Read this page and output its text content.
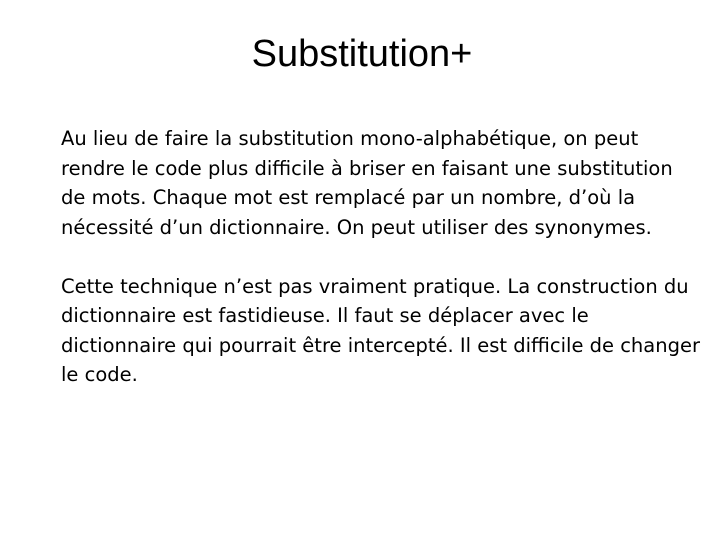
Substitution+

Au lieu de faire la substitution mono-alphabétique, on peut rendre le code plus difficile à briser en faisant une substitution de mots. Chaque mot est remplacé par un nombre, d’où la nécessité d’un dictionnaire. On peut utiliser des synonymes.

Cette technique n’est pas vraiment pratique. La construction du dictionnaire est fastidieuse. Il faut se déplacer avec le dictionnaire qui pourrait être intercepté. Il est difficile de changer le code.
